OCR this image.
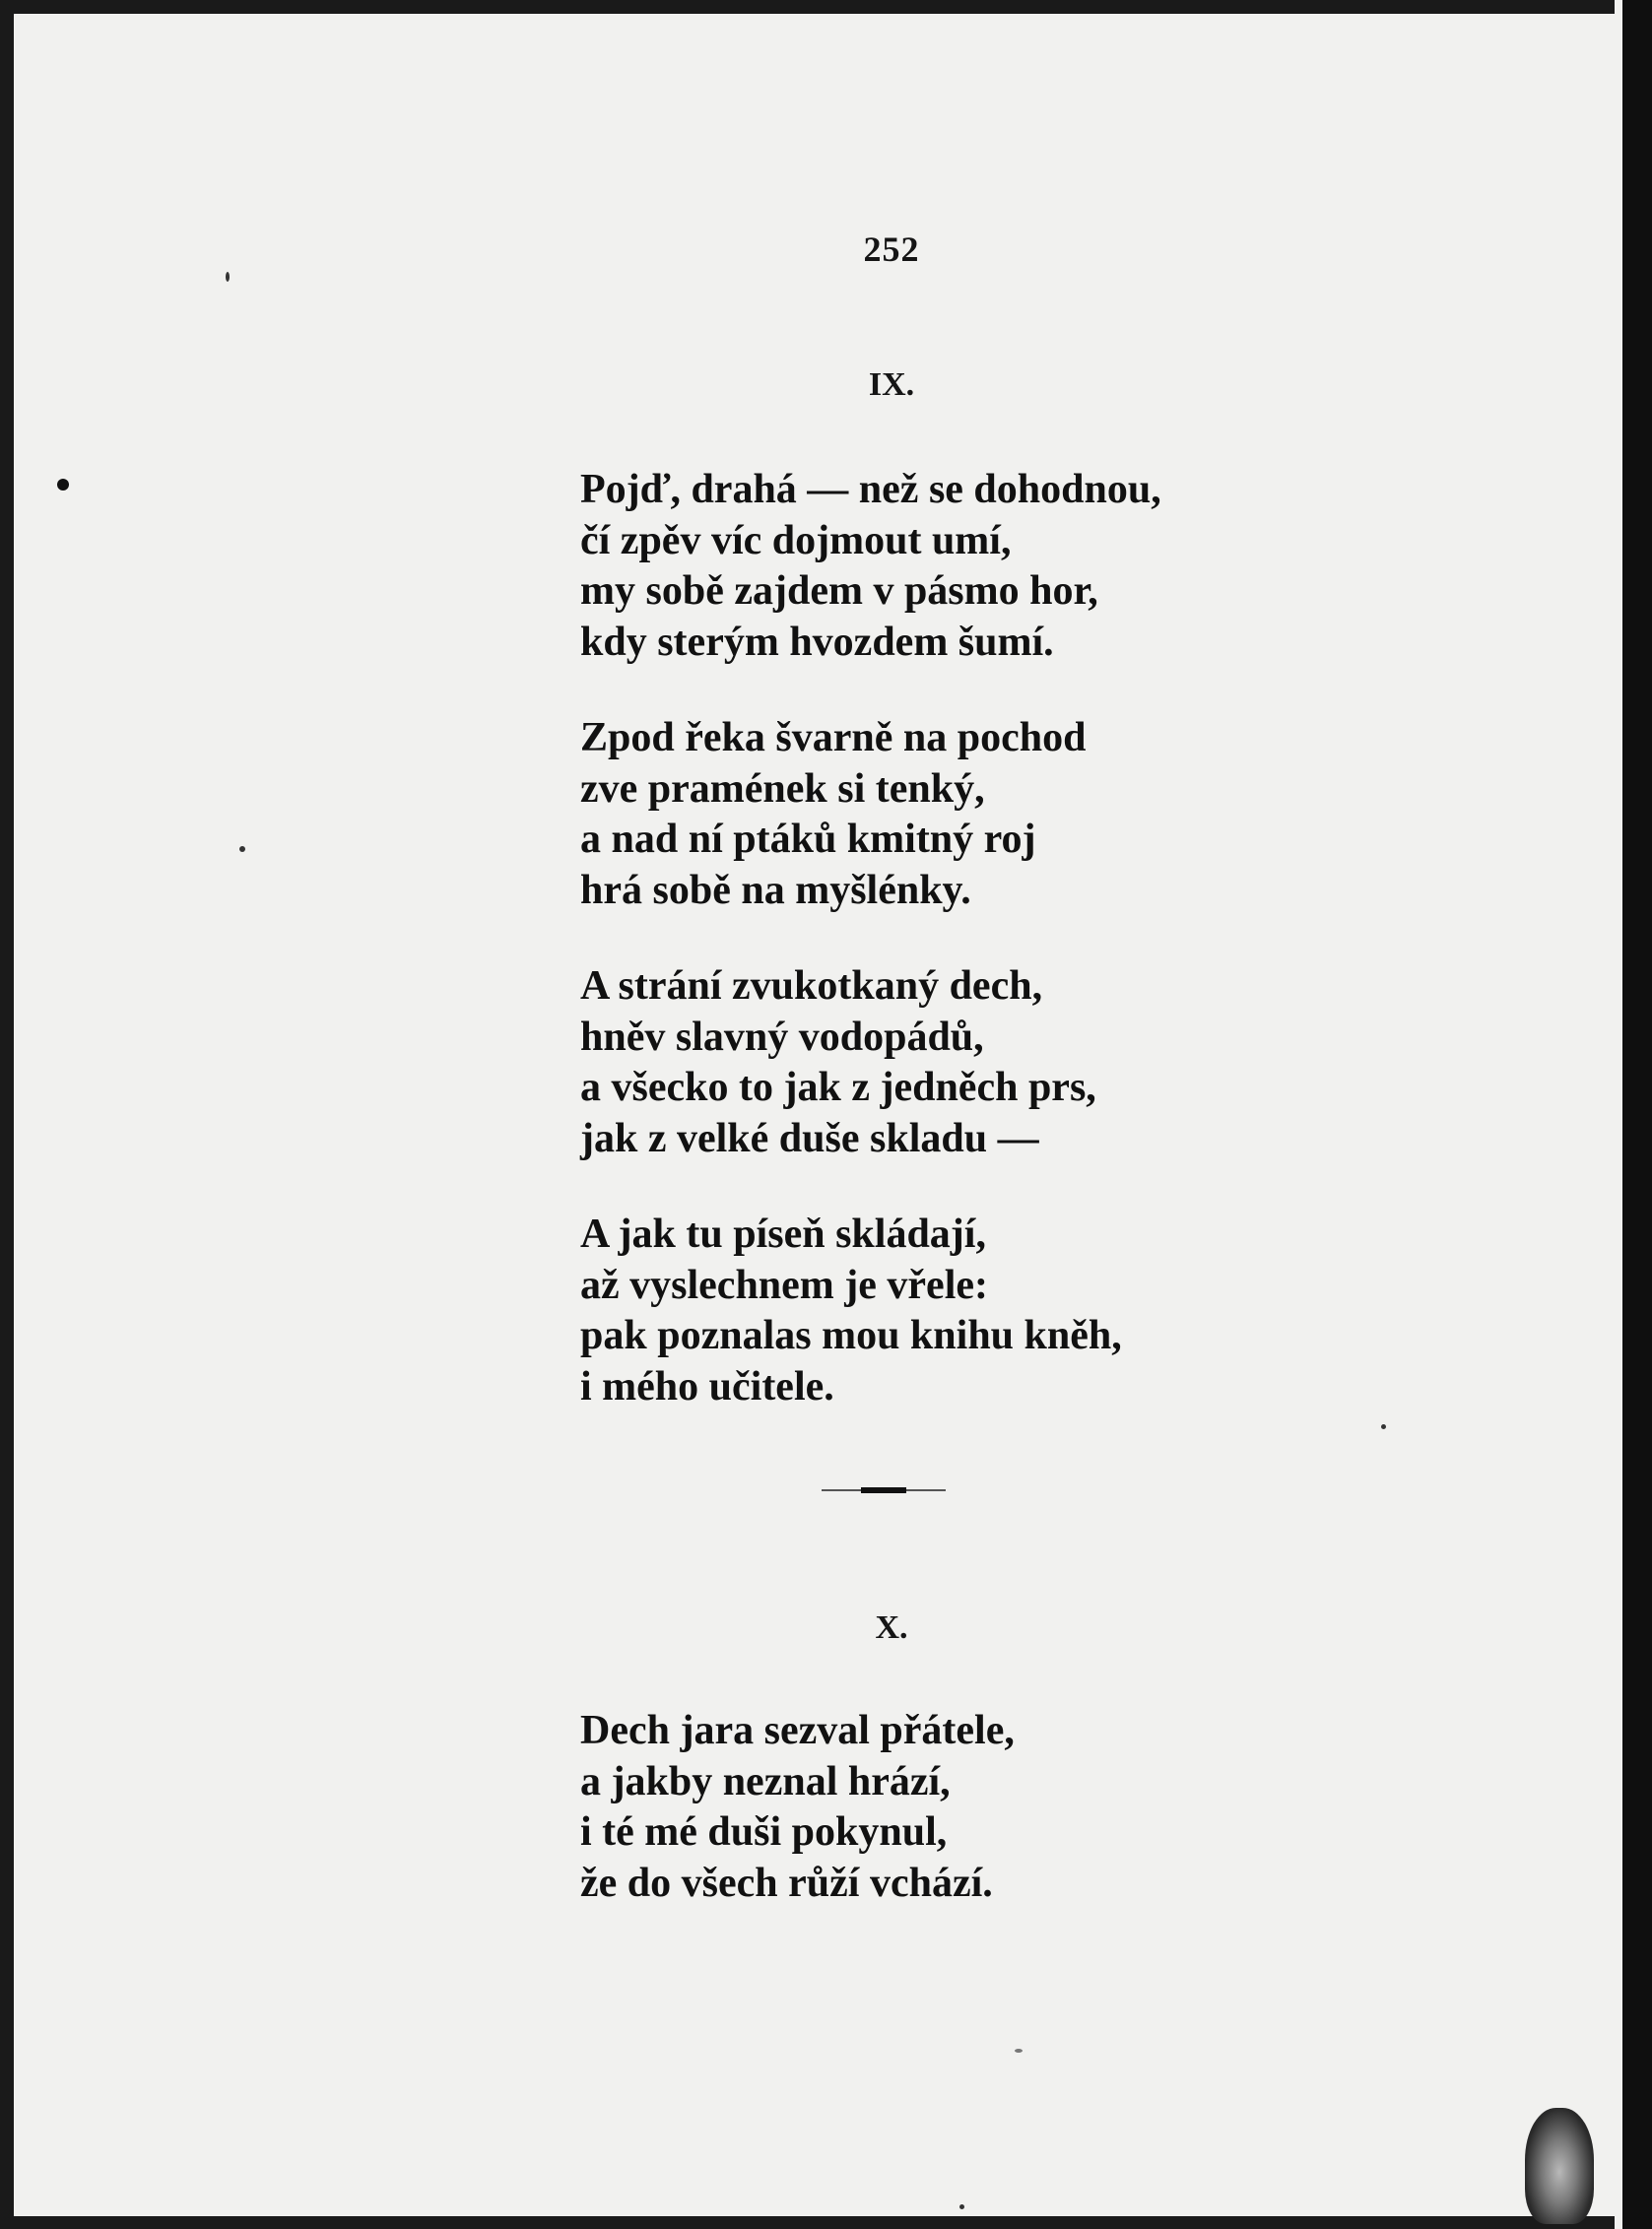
252
IX.
Pojď, drahá — než se dohodnou,
čí zpěv víc dojmout umí,
my sobě zajdem v pásmo hor,
kdy sterým hvozdem šumí.
Zpod řeka švarně na pochod
zve pramének si tenký,
a nad ní ptáků kmitný roj
hrá sobě na myšlénky.
A strání zvukotkaný dech,
hněv slavný vodopádů,
a všecko to jak z jedněch prs,
jak z velké duše skladu —
A jak tu píseň skládají,
až vyslechnem je vřele:
pak poznalas mou knihu kněh,
i mého učitele.
X.
Dech jara sezval přátele,
a jakby neznal hrází,
i té mé duši pokynul,
že do všech růží vchází.
